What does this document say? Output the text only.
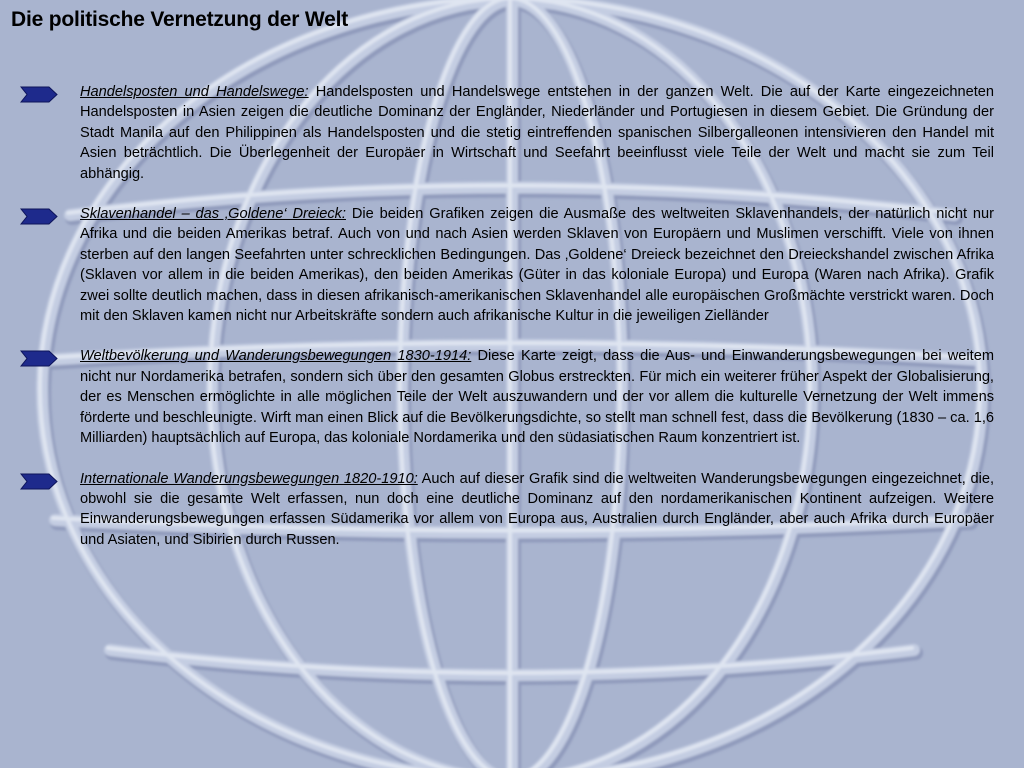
Die politische Vernetzung der Welt
Handelsposten und Handelswege: Handelsposten und Handelswege entstehen in der ganzen Welt. Die auf der Karte eingezeichneten Handelsposten in Asien zeigen die deutliche Dominanz der Engländer, Niederländer und Portugiesen in diesem Gebiet. Die Gründung der Stadt Manila auf den Philippinen als Handelsposten und die stetig eintreffenden spanischen Silbergalleonen intensivieren den Handel mit Asien beträchtlich. Die Überlegenheit der Europäer in Wirtschaft und Seefahrt beeinflusst viele Teile der Welt und macht sie zum Teil abhängig.
Sklavenhandel – das ‚Goldene‘ Dreieck: Die beiden Grafiken zeigen die Ausmaße des weltweiten Sklavenhandels, der natürlich nicht nur Afrika und die beiden Amerikas betraf. Auch von und nach Asien werden Sklaven von Europäern und Muslimen verschifft. Viele von ihnen sterben auf den langen Seefahrten unter schrecklichen Bedingungen. Das ‚Goldene‘ Dreieck bezeichnet den Dreieckshandel zwischen Afrika (Sklaven vor allem in die beiden Amerikas), den beiden Amerikas (Güter in das koloniale Europa) und Europa (Waren nach Afrika). Grafik zwei sollte deutlich machen, dass in diesen afrikanisch-amerikanischen Sklavenhandel alle europäischen Großmächte verstrickt waren. Doch mit den Sklaven kamen nicht nur Arbeitskräfte sondern auch afrikanische Kultur in die jeweiligen Zielländer
Weltbevölkerung und Wanderungsbewegungen 1830-1914: Diese Karte zeigt, dass die Aus- und Einwanderungsbewegungen bei weitem nicht nur Nordamerika betrafen, sondern sich über den gesamten Globus erstreckten. Für mich ein weiterer früher Aspekt der Globalisierung, der es Menschen ermöglichte in alle möglichen Teile der Welt auszuwandern und der vor allem die kulturelle Vernetzung der Welt immens förderte und beschleunigte. Wirft man einen Blick auf die Bevölkerungsdichte, so stellt man schnell fest, dass die Bevölkerung (1830 – ca. 1,6 Milliarden) hauptsächlich auf Europa, das koloniale Nordamerika und den südasiatischen Raum konzentriert ist.
Internationale Wanderungsbewegungen 1820-1910: Auch auf dieser Grafik sind die weltweiten Wanderungsbewegungen eingezeichnet, die, obwohl sie die gesamte Welt erfassen, nun doch eine deutliche Dominanz auf den nordamerikanischen Kontinent aufzeigen. Weitere Einwanderungsbewegungen erfassen Südamerika vor allem von Europa aus, Australien durch Engländer, aber auch Afrika durch Europäer und Asiaten, und Sibirien durch Russen.
